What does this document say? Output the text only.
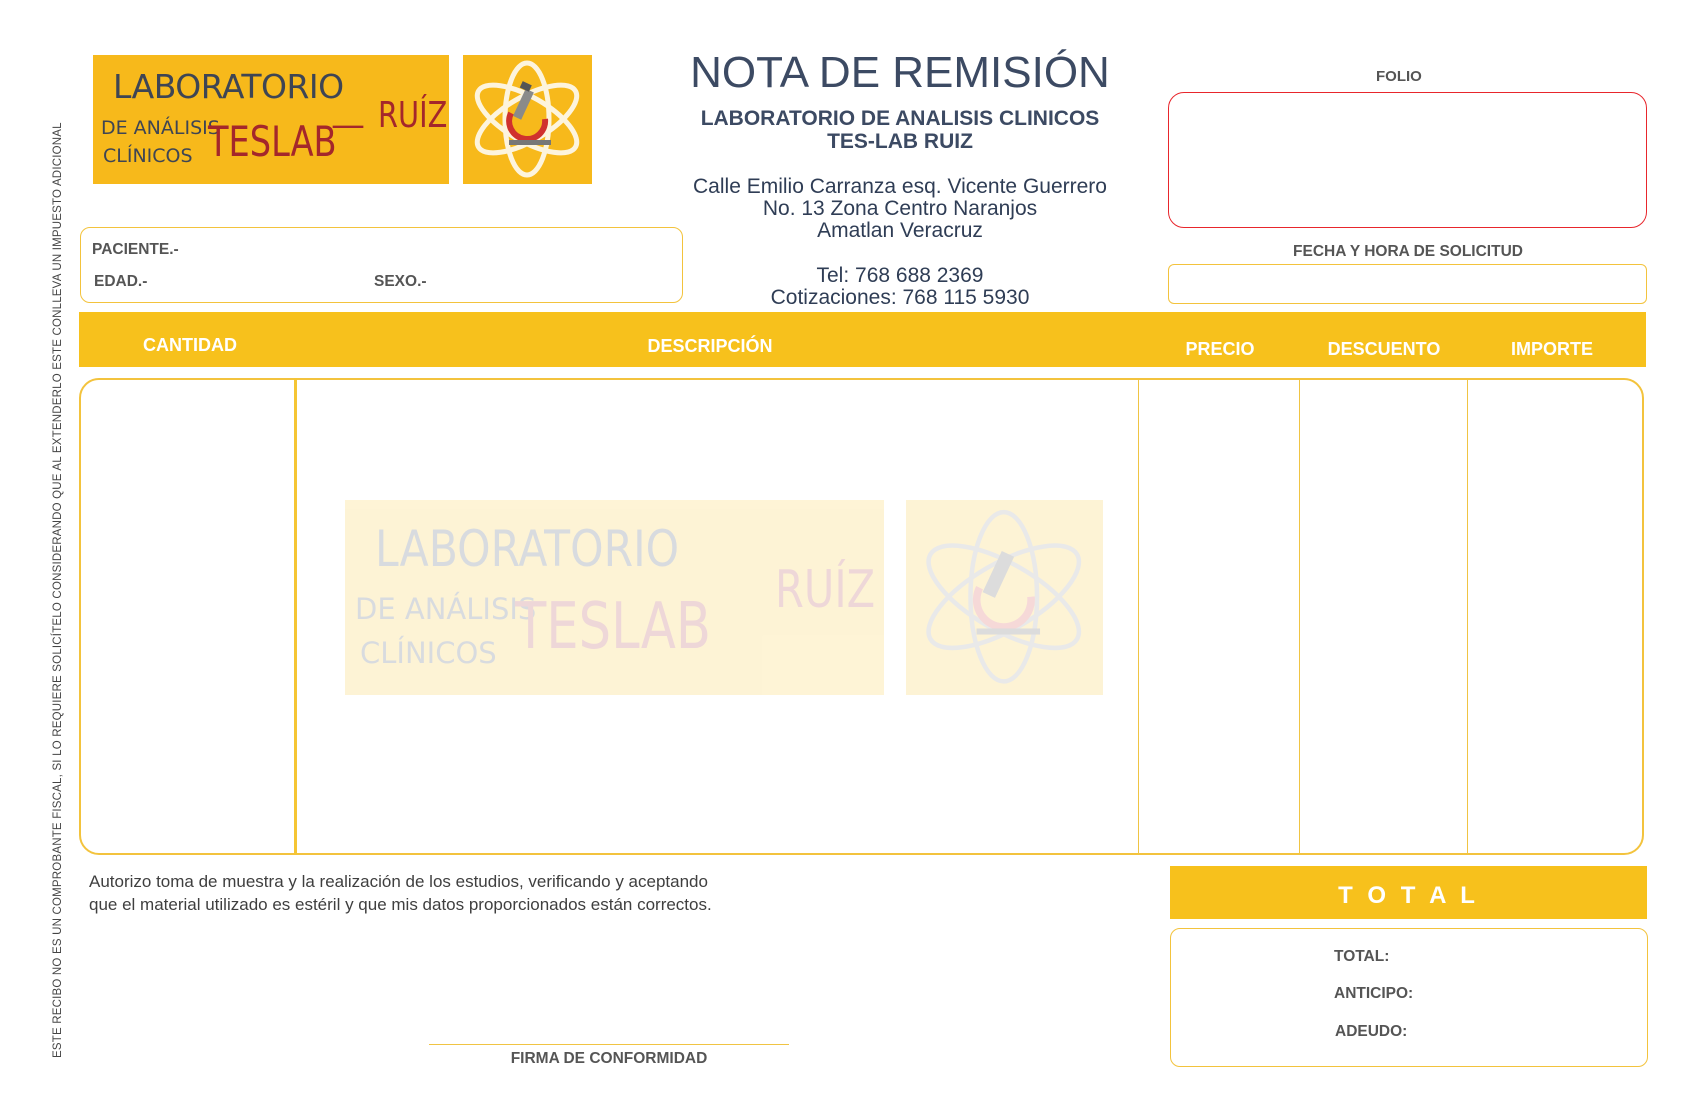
ESTE RECIBO NO ES UN COMPROBANTE FISCAL, SI LO REQUIERE SOLICÍTELO CONSIDERANDO QUE AL EXTENDERLO ESTE CONLLEVA UN IMPUESTO ADICIONAL
LABORATORIO
DE ANÁLISIS
CLÍNICOS TESLAB
— RUÍZ
NOTA DE REMISIÓN
LABORATORIO DE ANALISIS CLINICOS
TES-LAB RUIZ
Calle Emilio Carranza esq. Vicente Guerrero
No. 13 Zona Centro Naranjos
Amatlan Veracruz
Tel: 768 688 2369
Cotizaciones: 768 115 5930
FOLIO
FECHA Y HORA DE SOLICITUD
PACIENTE.-
EDAD.-	SEXO.-
CANTIDAD	DESCRIPCIÓN	PRECIO	DESCUENTO	IMPORTE
LABORATORIO
DE ANÁLISIS
CLÍNICOS TESLAB RUÍZ
Autorizo toma de muestra y la realización de los estudios, verificando y aceptando
que el material utilizado es estéril y que mis datos proporcionados están correctos.
FIRMA DE CONFORMIDAD
T O T A L
TOTAL:
ANTICIPO:
ADEUDO:
